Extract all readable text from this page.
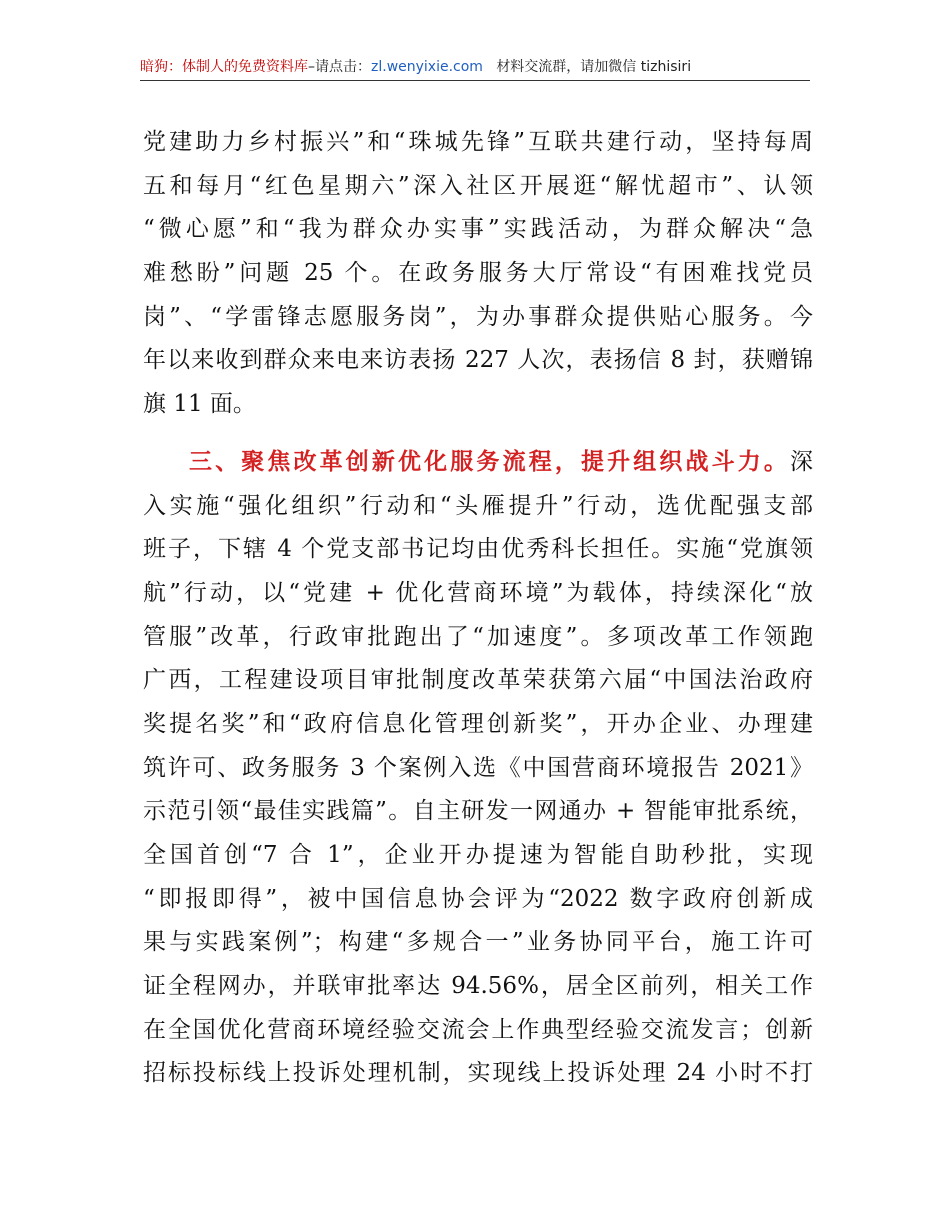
暗狗：体制人的免费资料库–请点击：zl.wenyixie.com 材料交流群，请加微信 tizhisiri
党建助力乡村振兴”和“珠城先锋”互联共建行动，坚持每周
五和每月“红色星期六”深入社区开展逛“解忧超市”、认领
“微心愿”和“我为群众办实事”实践活动，为群众解决“急
难愁盼”问题 25 个。在政务服务大厅常设“有困难找党员
岗”、“学雷锋志愿服务岗”，为办事群众提供贴心服务。今
年以来收到群众来电来访表扬 227 人次，表扬信 8 封，获赠锦
旗 11 面。
三、聚焦改革创新优化服务流程，提升组织战斗力。深
入实施“强化组织”行动和“头雁提升”行动，选优配强支部
班子，下辖 4 个党支部书记均由优秀科长担任。实施“党旗领
航”行动，以“党建 + 优化营商环境”为载体，持续深化“放
管服”改革，行政审批跑出了“加速度”。多项改革工作领跑
广西，工程建设项目审批制度改革荣获第六届“中国法治政府
奖提名奖”和“政府信息化管理创新奖”，开办企业、办理建
筑许可、政务服务 3 个案例入选《中国营商环境报告 2021》
示范引领“最佳实践篇”。自主研发一网通办 + 智能审批系统，
全国首创“7 合 1”，企业开办提速为智能自助秒批，实现
“即报即得”，被中国信息协会评为“2022 数字政府创新成
果与实践案例”；构建“多规合一”业务协同平台，施工许可
证全程网办，并联审批率达 94.56%，居全区前列，相关工作
在全国优化营商环境经验交流会上作典型经验交流发言；创新
招标投标线上投诉处理机制，实现线上投诉处理 24 小时不打
